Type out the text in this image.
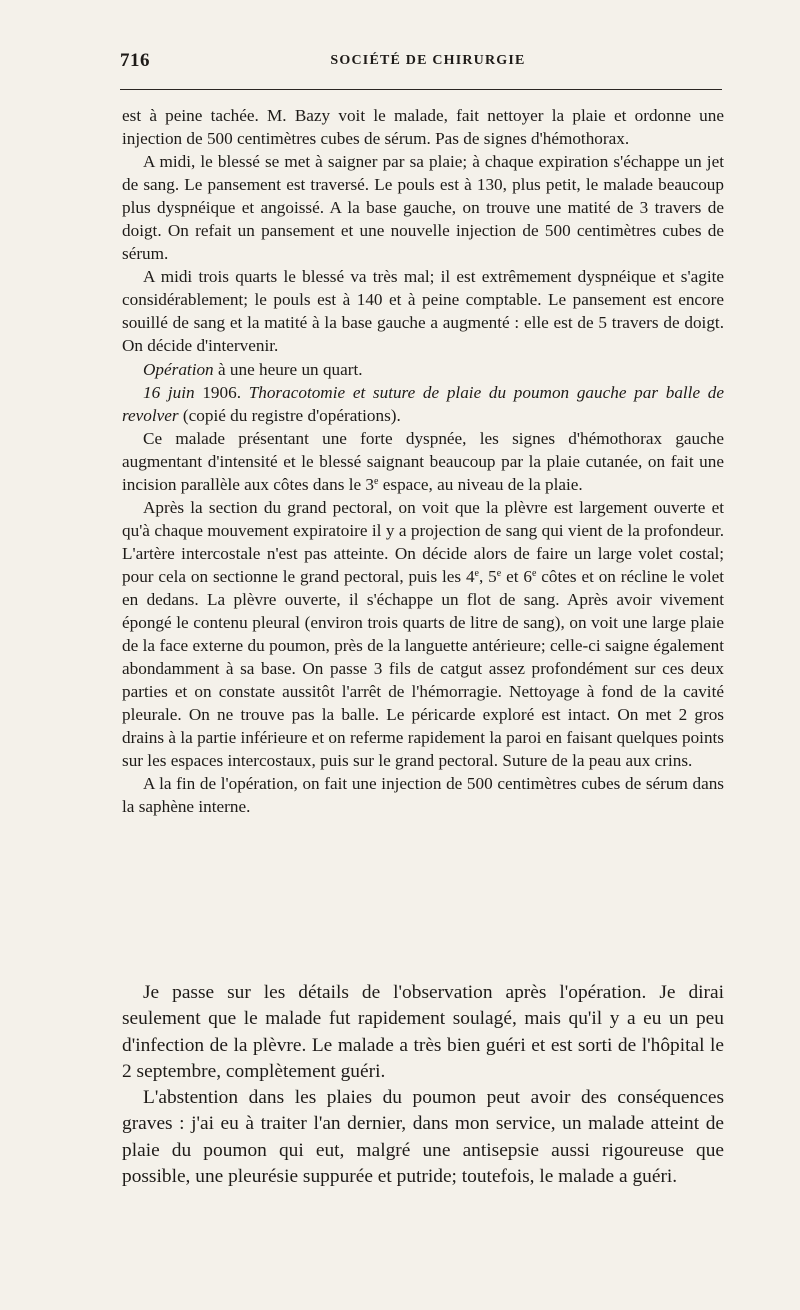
716	SOCIÉTÉ DE CHIRURGIE

est à peine tachée. M. Bazy voit le malade, fait nettoyer la plaie et ordonne une injection de 500 centimètres cubes de sérum. Pas de signes d'hémothorax.

A midi, le blessé se met à saigner par sa plaie; à chaque expiration s'échappe un jet de sang. Le pansement est traversé. Le pouls est à 130, plus petit, le malade beaucoup plus dyspnéique et angoissé. A la base gauche, on trouve une matité de 3 travers de doigt. On refait un pansement et une nouvelle injection de 500 centimètres cubes de sérum.

A midi trois quarts le blessé va très mal; il est extrêmement dyspnéique et s'agite considérablement; le pouls est à 140 et à peine comptable. Le pansement est encore souillé de sang et la matité à la base gauche a augmenté : elle est de 5 travers de doigt. On décide d'intervenir.

Opération à une heure un quart.

16 juin 1906. Thoracotomie et suture de plaie du poumon gauche par balle de revolver (copié du registre d'opérations).

Ce malade présentant une forte dyspnée, les signes d'hémothorax gauche augmentant d'intensité et le blessé saignant beaucoup par la plaie cutanée, on fait une incision parallèle aux côtes dans le 3e espace, au niveau de la plaie.

Après la section du grand pectoral, on voit que la plèvre est largement ouverte et qu'à chaque mouvement expiratoire il y a projection de sang qui vient de la profondeur. L'artère intercostale n'est pas atteinte. On décide alors de faire un large volet costal; pour cela on sectionne le grand pectoral, puis les 4e, 5e et 6e côtes et on récline le volet en dedans. La plèvre ouverte, il s'échappe un flot de sang. Après avoir vivement épongé le contenu pleural (environ trois quarts de litre de sang), on voit une large plaie de la face externe du poumon, près de la languette antérieure; celle-ci saigne également abondamment à sa base. On passe 3 fils de catgut assez profondément sur ces deux parties et on constate aussitôt l'arrêt de l'hémorragie. Nettoyage à fond de la cavité pleurale. On ne trouve pas la balle. Le péricarde exploré est intact. On met 2 gros drains à la partie inférieure et on referme rapidement la paroi en faisant quelques points sur les espaces intercostaux, puis sur le grand pectoral. Suture de la peau aux crins.

A la fin de l'opération, on fait une injection de 500 centimètres cubes de sérum dans la saphène interne.

Je passe sur les détails de l'observation après l'opération. Je dirai seulement que le malade fut rapidement soulagé, mais qu'il y a eu un peu d'infection de la plèvre. Le malade a très bien guéri et est sorti de l'hôpital le 2 septembre, complètement guéri.

L'abstention dans les plaies du poumon peut avoir des conséquences graves : j'ai eu à traiter l'an dernier, dans mon service, un malade atteint de plaie du poumon qui eut, malgré une antisepsie aussi rigoureuse que possible, une pleurésie suppurée et putride; toutefois, le malade a guéri.
